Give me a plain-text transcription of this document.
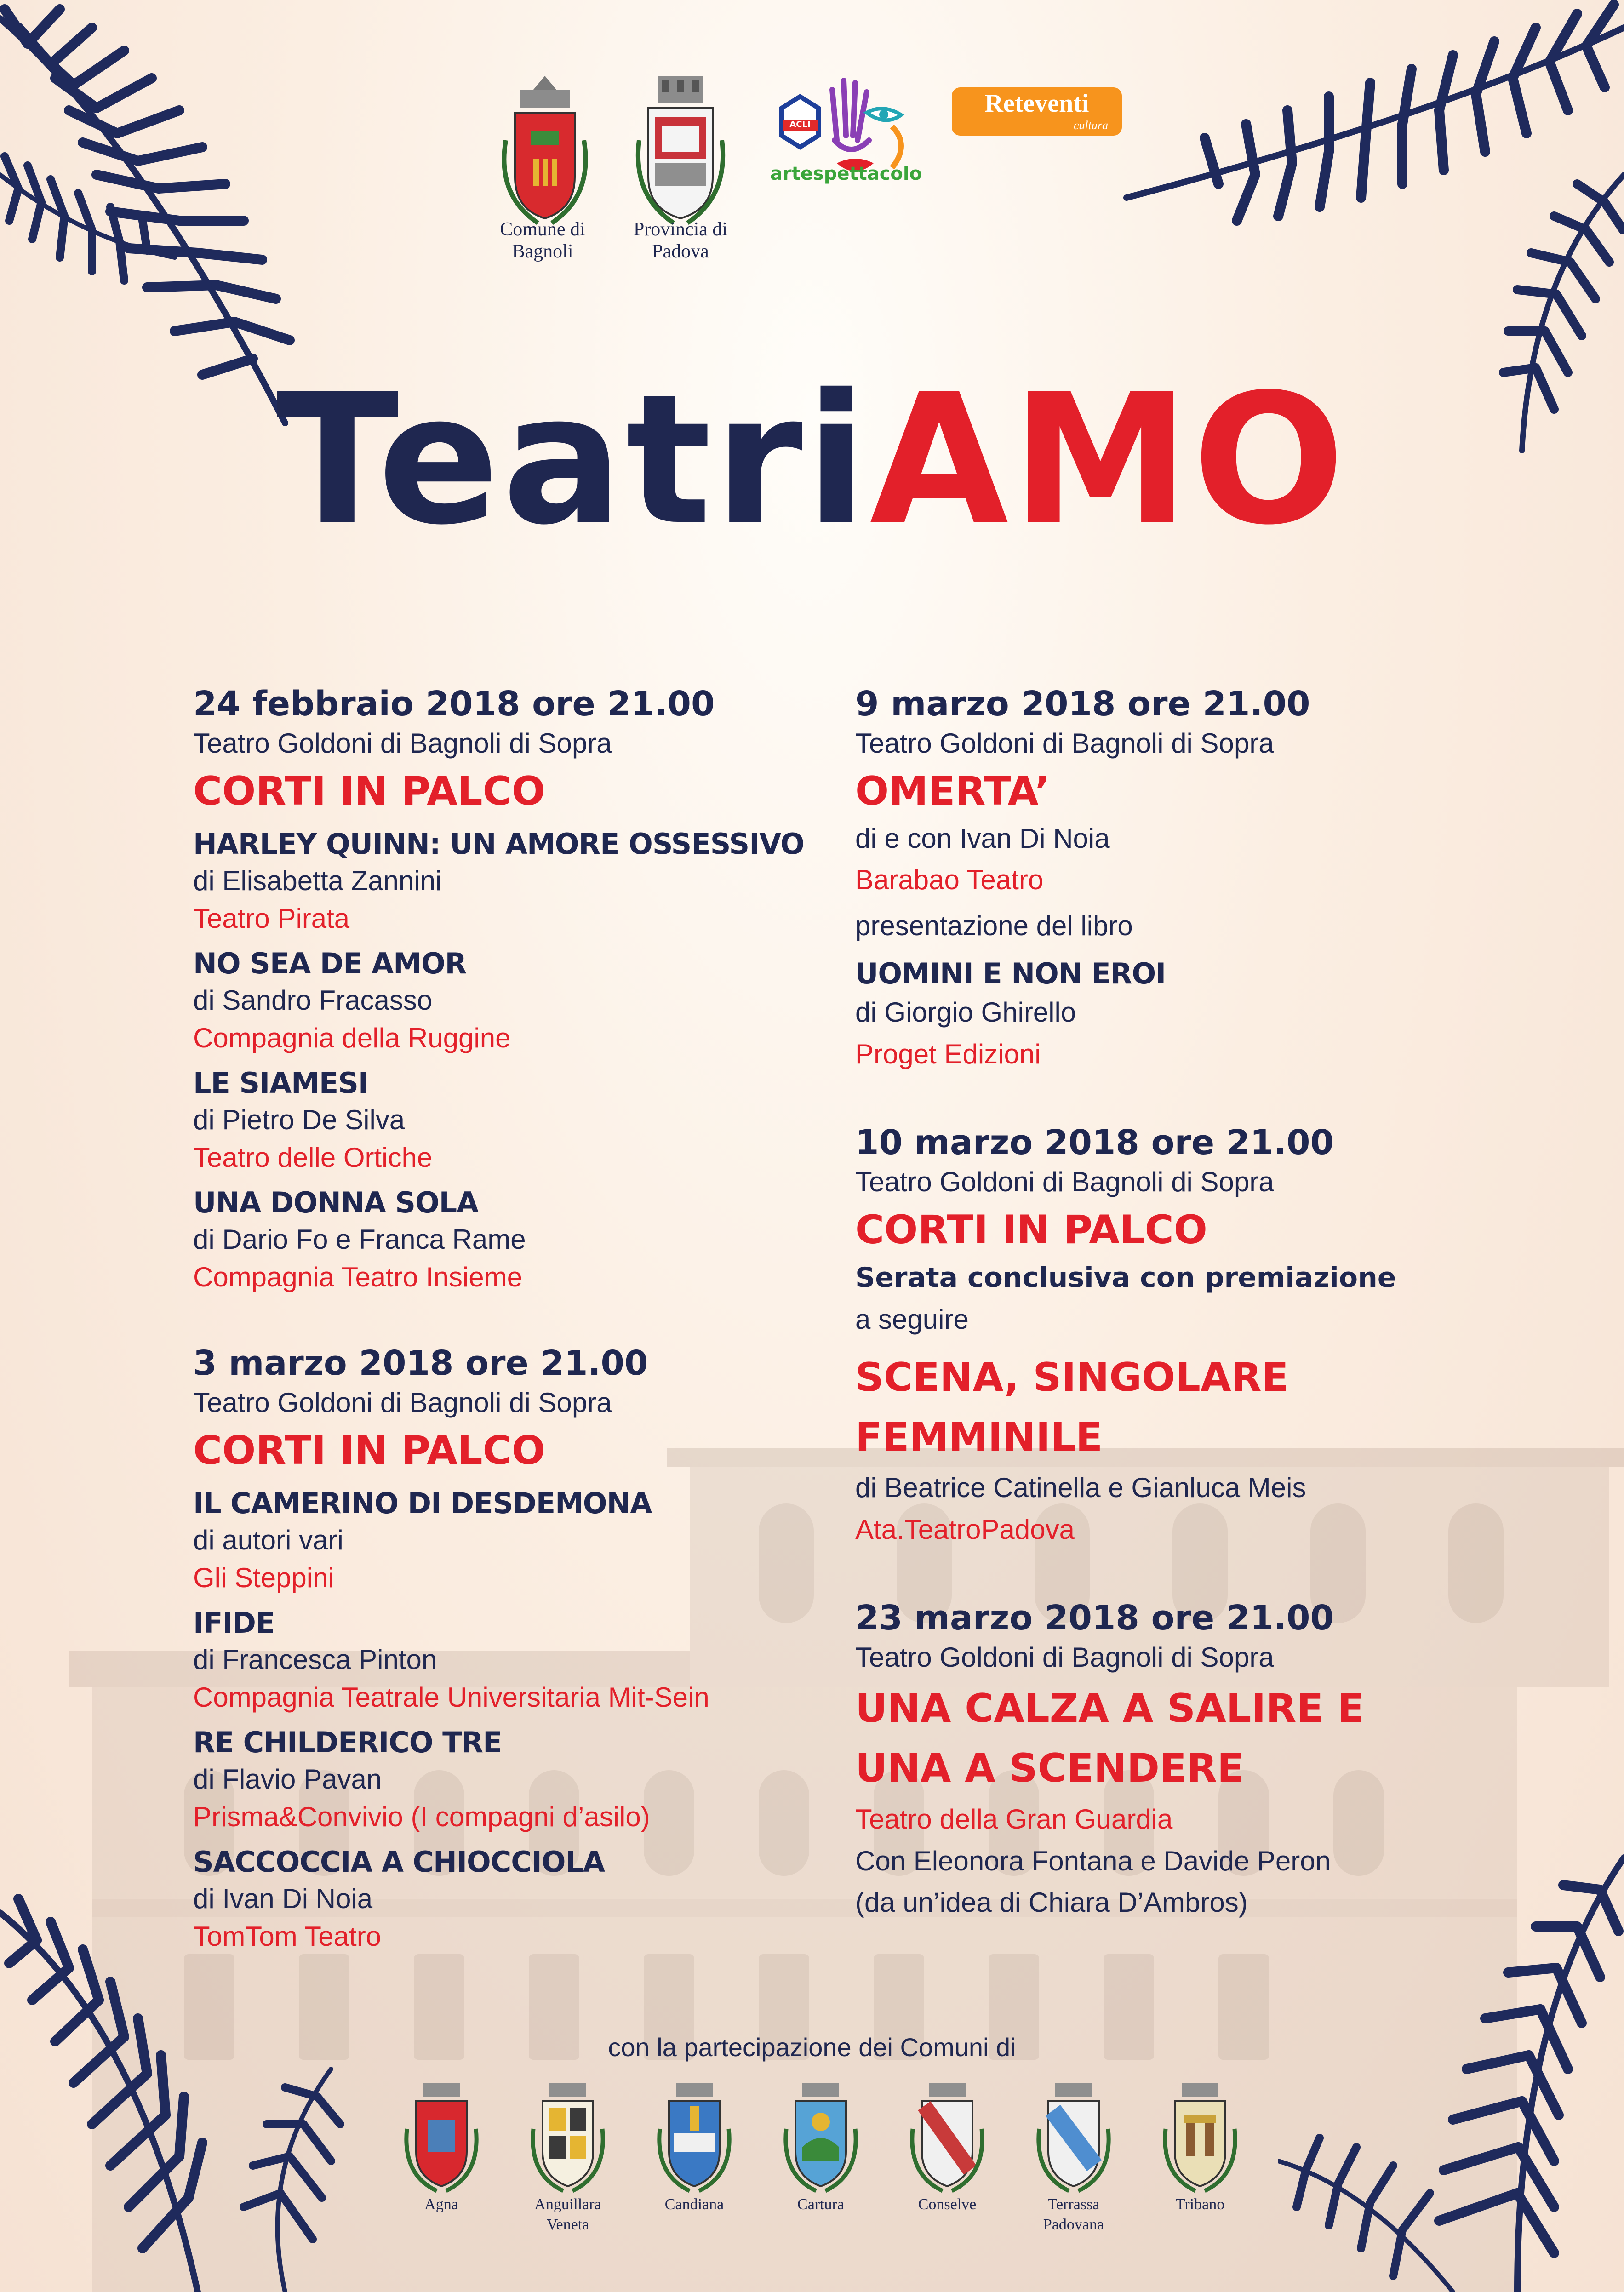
Comune di
Bagnoli
Provincia di
Padova
ACLI
artespettacolo
Reteventi
cultura
TeatriAMO
24 febbraio 2018 ore 21.00
Teatro Goldoni di Bagnoli di Sopra
CORTI IN PALCO
HARLEY QUINN: UN AMORE OSSESSIVO
di Elisabetta Zannini
Teatro Pirata
NO SEA DE AMOR
di Sandro Fracasso
Compagnia della Ruggine
LE SIAMESI
di Pietro De Silva
Teatro delle Ortiche
UNA DONNA SOLA
di Dario Fo e Franca Rame
Compagnia Teatro Insieme
3 marzo 2018 ore 21.00
Teatro Goldoni di Bagnoli di Sopra
CORTI IN PALCO
IL CAMERINO DI DESDEMONA
di autori vari
Gli Steppini
IFIDE
di Francesca Pinton
Compagnia Teatrale Universitaria Mit-Sein
RE CHILDERICO TRE
di Flavio Pavan
Prisma&Convivio (I compagni d’asilo)
SACCOCCIA A CHIOCCIOLA
di Ivan Di Noia
TomTom Teatro
9 marzo 2018 ore 21.00
Teatro Goldoni di Bagnoli di Sopra
OMERTA’
di e con Ivan Di Noia
Barabao Teatro
presentazione del libro
UOMINI E NON EROI
di Giorgio Ghirello
Proget Edizioni
10 marzo 2018 ore 21.00
Teatro Goldoni di Bagnoli di Sopra
CORTI IN PALCO
Serata conclusiva con premiazione
a seguire
SCENA, SINGOLARE
FEMMINILE
di Beatrice Catinella e Gianluca Meis
Ata.TeatroPadova
23 marzo 2018 ore 21.00
Teatro Goldoni di Bagnoli di Sopra
UNA CALZA A SALIRE E
UNA A SCENDERE
Teatro della Gran Guardia
Con Eleonora Fontana e Davide Peron
(da un’idea di Chiara D’Ambros)
con la partecipazione dei Comuni di
Agna	Anguillara
Veneta
Candiana	Cartura	Conselve	Terrassa
Padovana
Tribano
